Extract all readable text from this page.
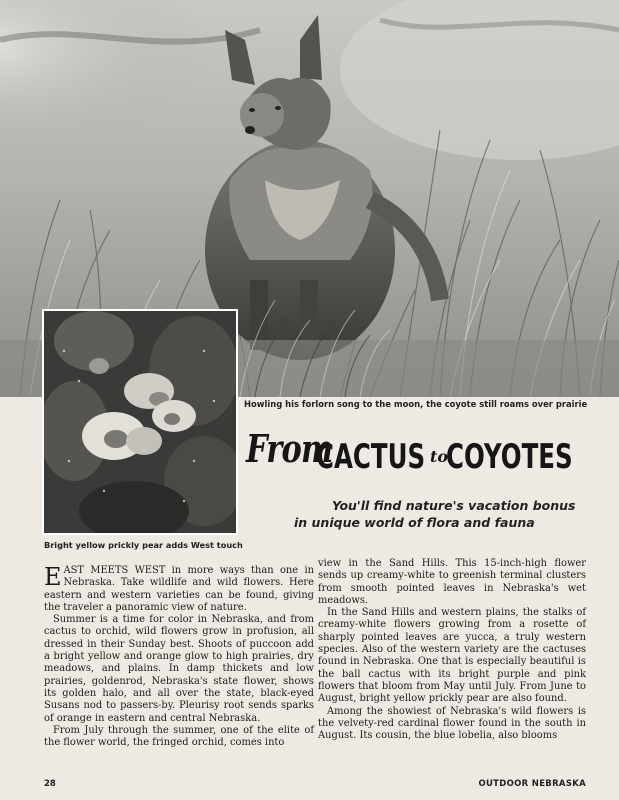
Howling his forlorn song to the moon, the coyote still roams over prairie
Bright yellow prickly pear adds West touch
From
CACTUS to
COYOTES
You'll find nature's vacation bonus
in unique world of flora and fauna

EAST MEETS WEST in more ways than one in Nebraska. Take wildlife and wild flowers. Here eastern and western varieties can be found, giving the traveler a panoramic view of nature.

Summer is a time for color in Nebraska, and from cactus to orchid, wild flowers grow in profusion, all dressed in their Sunday best. Shoots of puccoon add a bright yellow and orange glow to high prairies, dry meadows, and plains. In damp thickets and low prairies, goldenrod, Nebraska's state flower, shows its golden halo, and all over the state, black-eyed Susans nod to passers-by. Pleurisy root sends sparks of orange in eastern and central Nebraska.

From July through the summer, one of the elite of the flower world, the fringed orchid, comes into

view in the Sand Hills. This 15-inch-high flower sends up creamy-white to greenish terminal clusters from smooth pointed leaves in Nebraska's wet meadows.

In the Sand Hills and western plains, the stalks of creamy-white flowers growing from a rosette of sharply pointed leaves are yucca, a truly western species. Also of the western variety are the cactuses found in Nebraska. One that is especially beautiful is the ball cactus with its bright purple and pink flowers that bloom from May until July. From June to August, bright yellow prickly pear are also found.

Among the showiest of Nebraska's wild flowers is the velvety-red cardinal flower found in the south in August. Its cousin, the blue lobelia, also blooms

28	OUTDOOR NEBRASKA
